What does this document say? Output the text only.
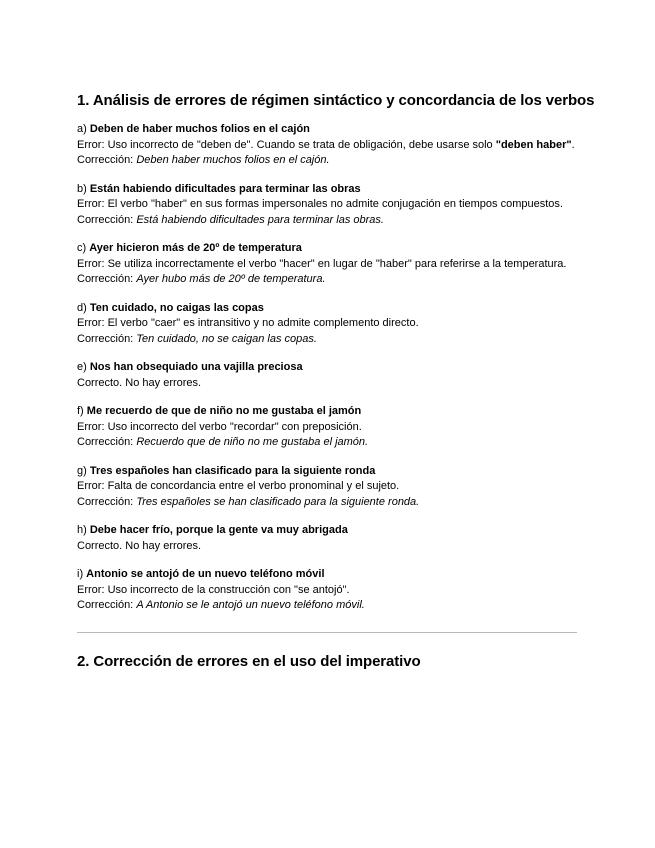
1. Análisis de errores de régimen sintáctico y concordancia de los verbos

a) Deben de haber muchos folios en el cajón

Error: Uso incorrecto de "deben de". Cuando se trata de obligación, debe usarse solo "deben haber".

Corrección: Deben haber muchos folios en el cajón.

b) Están habiendo dificultades para terminar las obras

Error: El verbo "haber" en sus formas impersonales no admite conjugación en tiempos compuestos.

Corrección: Está habiendo dificultades para terminar las obras.

c) Ayer hicieron más de 20º de temperatura

Error: Se utiliza incorrectamente el verbo "hacer" en lugar de "haber" para referirse a la temperatura.

Corrección: Ayer hubo más de 20º de temperatura.

d) Ten cuidado, no caigas las copas

Error: El verbo "caer" es intransitivo y no admite complemento directo.

Corrección: Ten cuidado, no se caigan las copas.

e) Nos han obsequiado una vajilla preciosa

Correcto. No hay errores.

f) Me recuerdo de que de niño no me gustaba el jamón

Error: Uso incorrecto del verbo "recordar" con preposición.

Corrección: Recuerdo que de niño no me gustaba el jamón.

g) Tres españoles han clasificado para la siguiente ronda

Error: Falta de concordancia entre el verbo pronominal y el sujeto.

Corrección: Tres españoles se han clasificado para la siguiente ronda.

h) Debe hacer frío, porque la gente va muy abrigada

Correcto. No hay errores.

i) Antonio se antojó de un nuevo teléfono móvil

Error: Uso incorrecto de la construcción con "se antojó".

Corrección: A Antonio se le antojó un nuevo teléfono móvil.

2. Corrección de errores en el uso del imperativo
